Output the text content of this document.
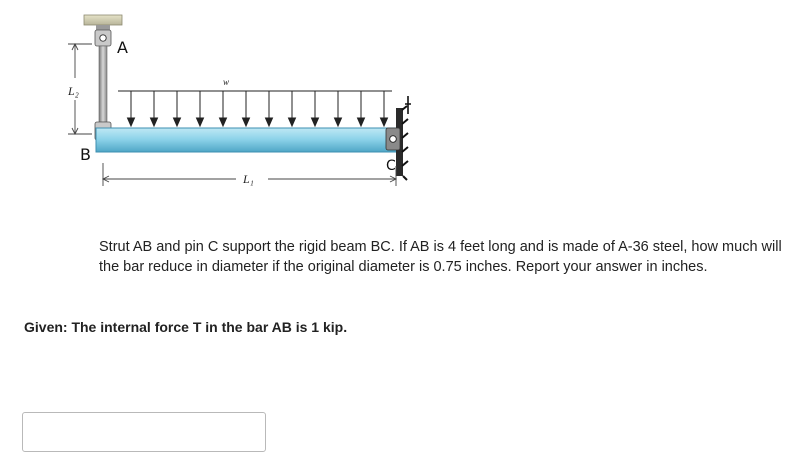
L₂
w
L₁
A
B
C

Strut AB and pin C support the rigid beam BC. If AB is 4 feet long and is made of A-36 steel, how much will the bar reduce in diameter if the original diameter is 0.75 inches. Report your answer in inches.

Given: The internal force T in the bar AB is 1 kip.
